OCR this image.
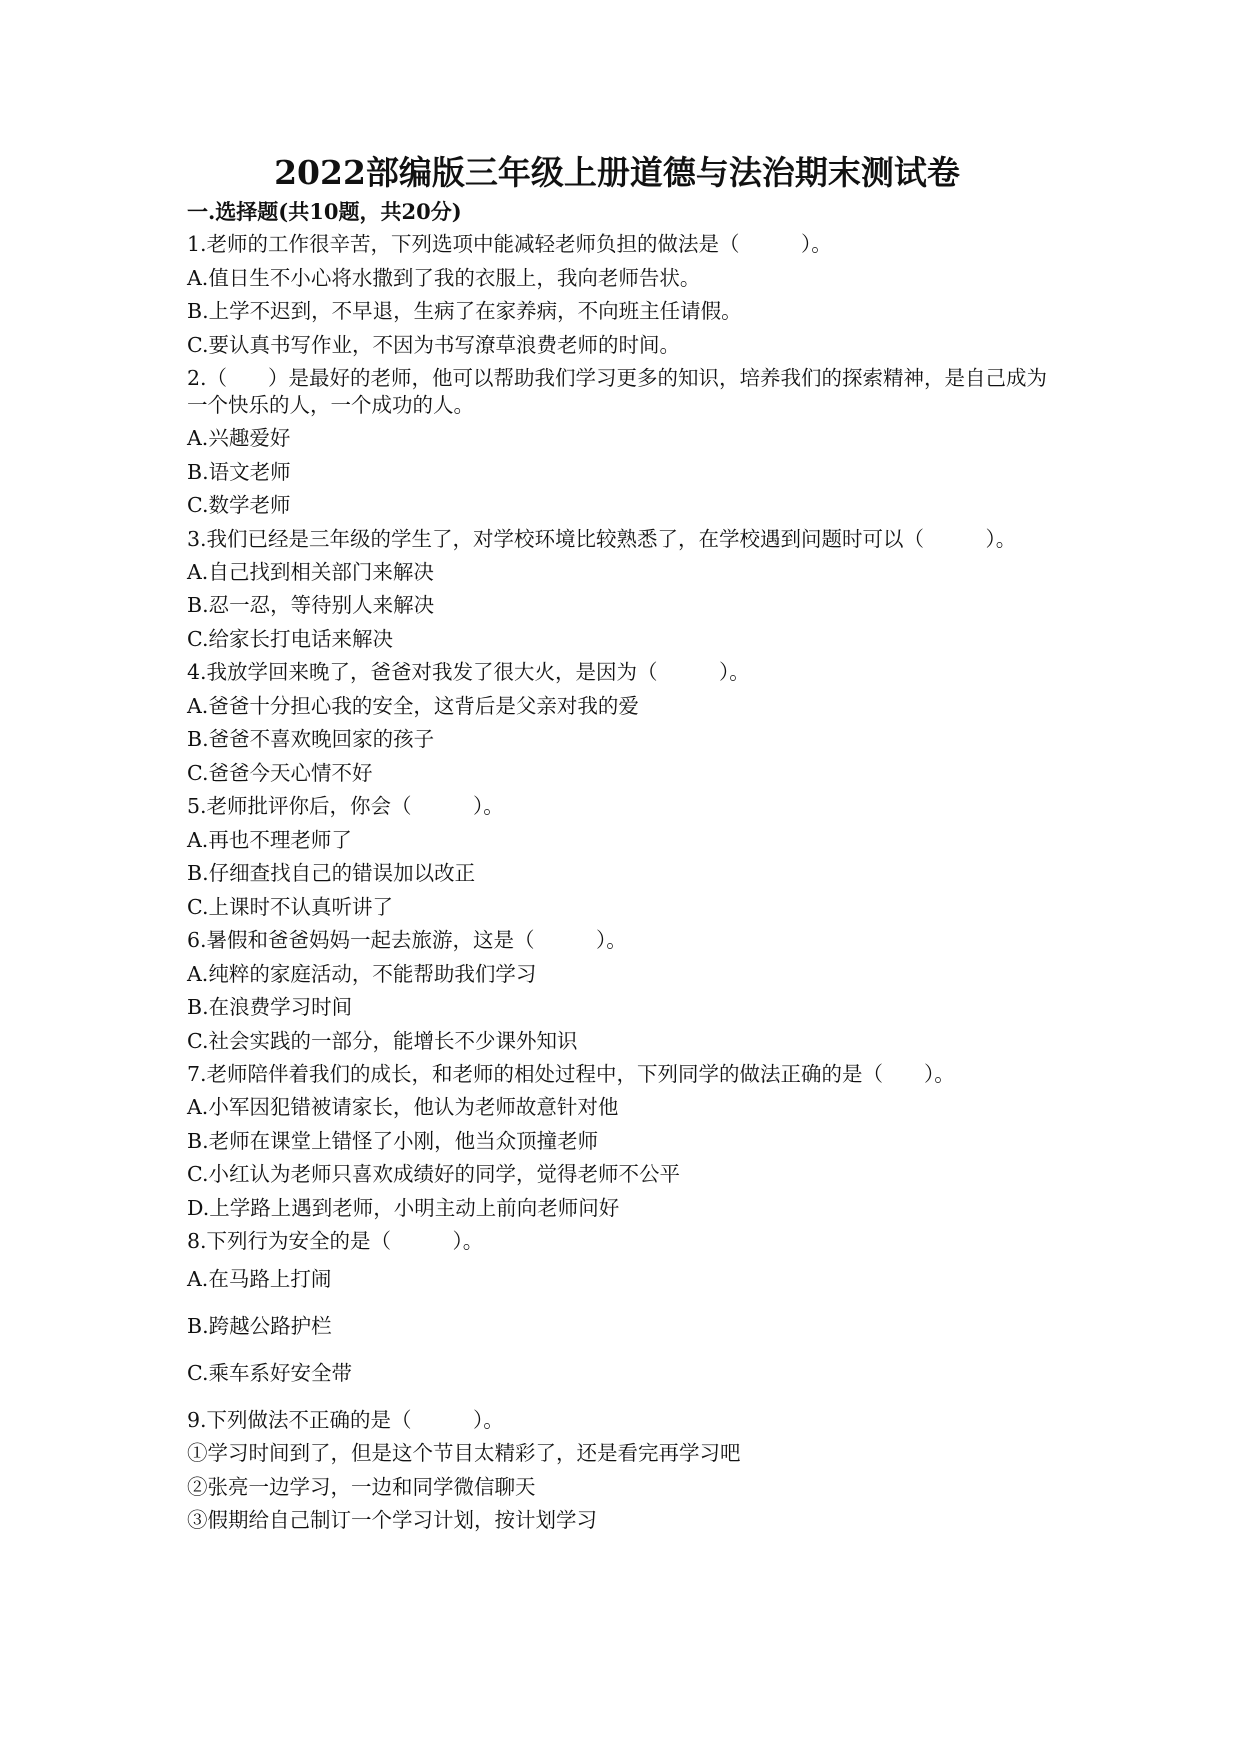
2022部编版三年级上册道德与法治期末测试卷
一.选择题(共10题，共20分)
1.老师的工作很辛苦，下列选项中能减轻老师负担的做法是（　　　）。
A.值日生不小心将水撒到了我的衣服上，我向老师告状。
B.上学不迟到，不早退，生病了在家养病，不向班主任请假。
C.要认真书写作业，不因为书写潦草浪费老师的时间。
2.（　　）是最好的老师，他可以帮助我们学习更多的知识，培养我们的探索精神，是自己成为一个快乐的人，一个成功的人。
A.兴趣爱好
B.语文老师
C.数学老师
3.我们已经是三年级的学生了，对学校环境比较熟悉了，在学校遇到问题时可以（　　　）。
A.自己找到相关部门来解决
B.忍一忍，等待别人来解决
C.给家长打电话来解决
4.我放学回来晚了，爸爸对我发了很大火，是因为（　　　）。
A.爸爸十分担心我的安全，这背后是父亲对我的爱
B.爸爸不喜欢晚回家的孩子
C.爸爸今天心情不好
5.老师批评你后，你会（　　　）。
A.再也不理老师了
B.仔细查找自己的错误加以改正
C.上课时不认真听讲了
6.暑假和爸爸妈妈一起去旅游，这是（　　　）。
A.纯粹的家庭活动，不能帮助我们学习
B.在浪费学习时间
C.社会实践的一部分，能增长不少课外知识
7.老师陪伴着我们的成长，和老师的相处过程中，下列同学的做法正确的是（　　）。
A.小军因犯错被请家长，他认为老师故意针对他
B.老师在课堂上错怪了小刚，他当众顶撞老师
C.小红认为老师只喜欢成绩好的同学，觉得老师不公平
D.上学路上遇到老师，小明主动上前向老师问好
8.下列行为安全的是（　　　）。
A.在马路上打闹
B.跨越公路护栏
C.乘车系好安全带
9.下列做法不正确的是（　　　）。
①学习时间到了，但是这个节目太精彩了，还是看完再学习吧
②张亮一边学习，一边和同学微信聊天
③假期给自己制订一个学习计划，按计划学习
